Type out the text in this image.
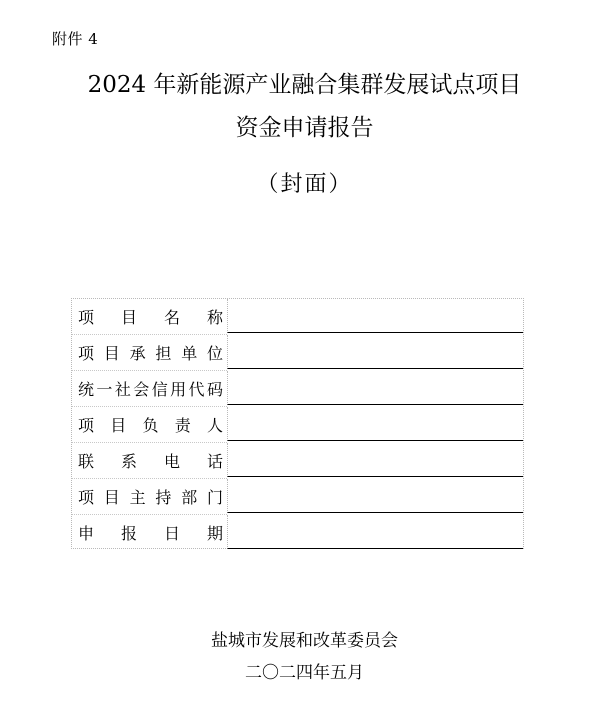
附件 4
2024 年新能源产业融合集群发展试点项目
资金申请报告
（封面）
项 目 名 称
项 目 承 担 单 位
统 一 社 会 信 用 代 码
项 目 负 责 人
联 系 电 话
项 目 主 持 部 门
申 报 日 期
盐城市发展和改革委员会
二〇二四年五月
